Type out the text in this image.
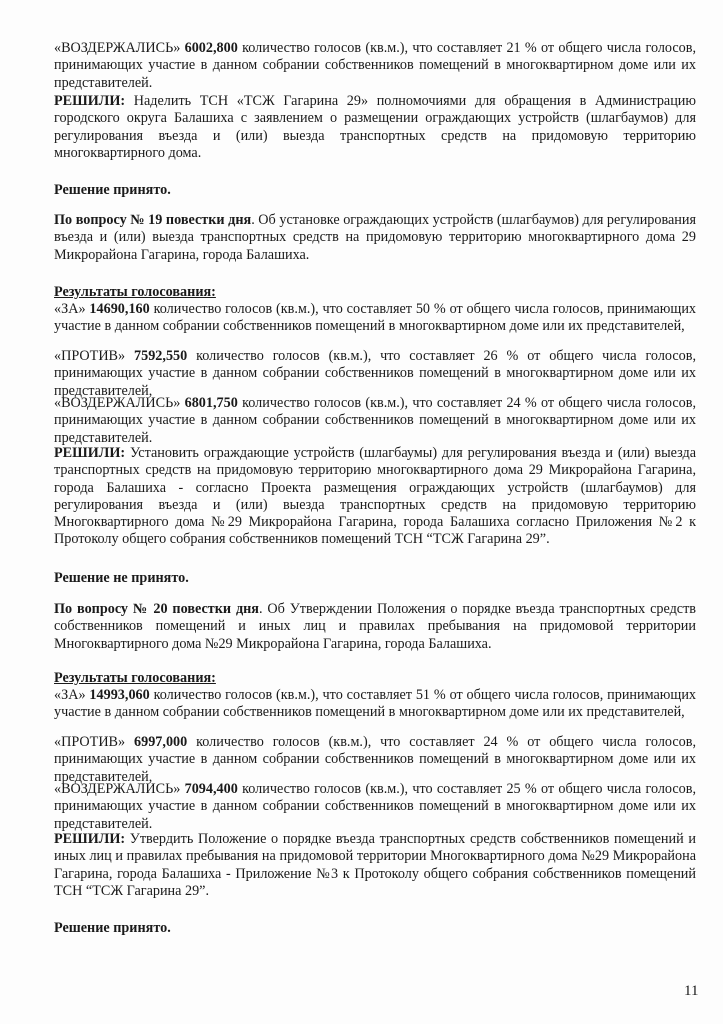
«ВОЗДЕРЖАЛИСЬ» 6002,800 количество голосов (кв.м.), что составляет 21 % от общего числа голосов, принимающих участие в данном собрании собственников помещений в многоквартирном доме или их представителей.

РЕШИЛИ: Наделить ТСН «ТСЖ Гагарина 29» полномочиями для обращения в Администрацию городского округа Балашиха с заявлением о размещении ограждающих устройств (шлагбаумов) для регулирования въезда и (или) выезда транспортных средств на придомовую территорию многоквартирного дома.

Решение принято.

По вопросу № 19 повестки дня. Об установке ограждающих устройств (шлагбаумов) для регулирования въезда и (или) выезда транспортных средств на придомовую территорию многоквартирного дома 29 Микрорайона Гагарина, города Балашиха.

Результаты голосования:

«ЗА» 14690,160 количество голосов (кв.м.), что составляет 50 % от общего числа голосов, принимающих участие в данном собрании собственников помещений в многоквартирном доме или их представителей,

«ПРОТИВ» 7592,550 количество голосов (кв.м.), что составляет 26 % от общего числа голосов, принимающих участие в данном собрании собственников помещений в многоквартирном доме или их представителей,

«ВОЗДЕРЖАЛИСЬ» 6801,750 количество голосов (кв.м.), что составляет 24 % от общего числа голосов, принимающих участие в данном собрании собственников помещений в многоквартирном доме или их представителей.

РЕШИЛИ: Установить ограждающие устройств (шлагбаумы) для регулирования въезда и (или) выезда транспортных средств на придомовую территорию многоквартирного дома 29 Микрорайона Гагарина, города Балашиха - согласно Проекта размещения ограждающих устройств (шлагбаумов) для регулирования въезда и (или) выезда транспортных средств на придомовую территорию Многоквартирного дома №29 Микрорайона Гагарина, города Балашиха согласно Приложения №2 к Протоколу общего собрания собственников помещений ТСН “ТСЖ Гагарина 29”.

Решение не принято.

По вопросу № 20 повестки дня. Об Утверждении Положения о порядке въезда транспортных средств собственников помещений и иных лиц и правилах пребывания на придомовой территории Многоквартирного дома №29 Микрорайона Гагарина, города Балашиха.

Результаты голосования:

«ЗА» 14993,060 количество голосов (кв.м.), что составляет 51 % от общего числа голосов, принимающих участие в данном собрании собственников помещений в многоквартирном доме или их представителей,

«ПРОТИВ» 6997,000 количество голосов (кв.м.), что составляет 24 % от общего числа голосов, принимающих участие в данном собрании собственников помещений в многоквартирном доме или их представителей,

«ВОЗДЕРЖАЛИСЬ» 7094,400 количество голосов (кв.м.), что составляет 25 % от общего числа голосов, принимающих участие в данном собрании собственников помещений в многоквартирном доме или их представителей.

РЕШИЛИ: Утвердить Положение о порядке въезда транспортных средств собственников помещений и иных лиц и правилах пребывания на придомовой территории Многоквартирного дома №29 Микрорайона Гагарина, города Балашиха - Приложение №3 к Протоколу общего собрания собственников помещений ТСН “ТСЖ Гагарина 29”.

Решение принято.

11
